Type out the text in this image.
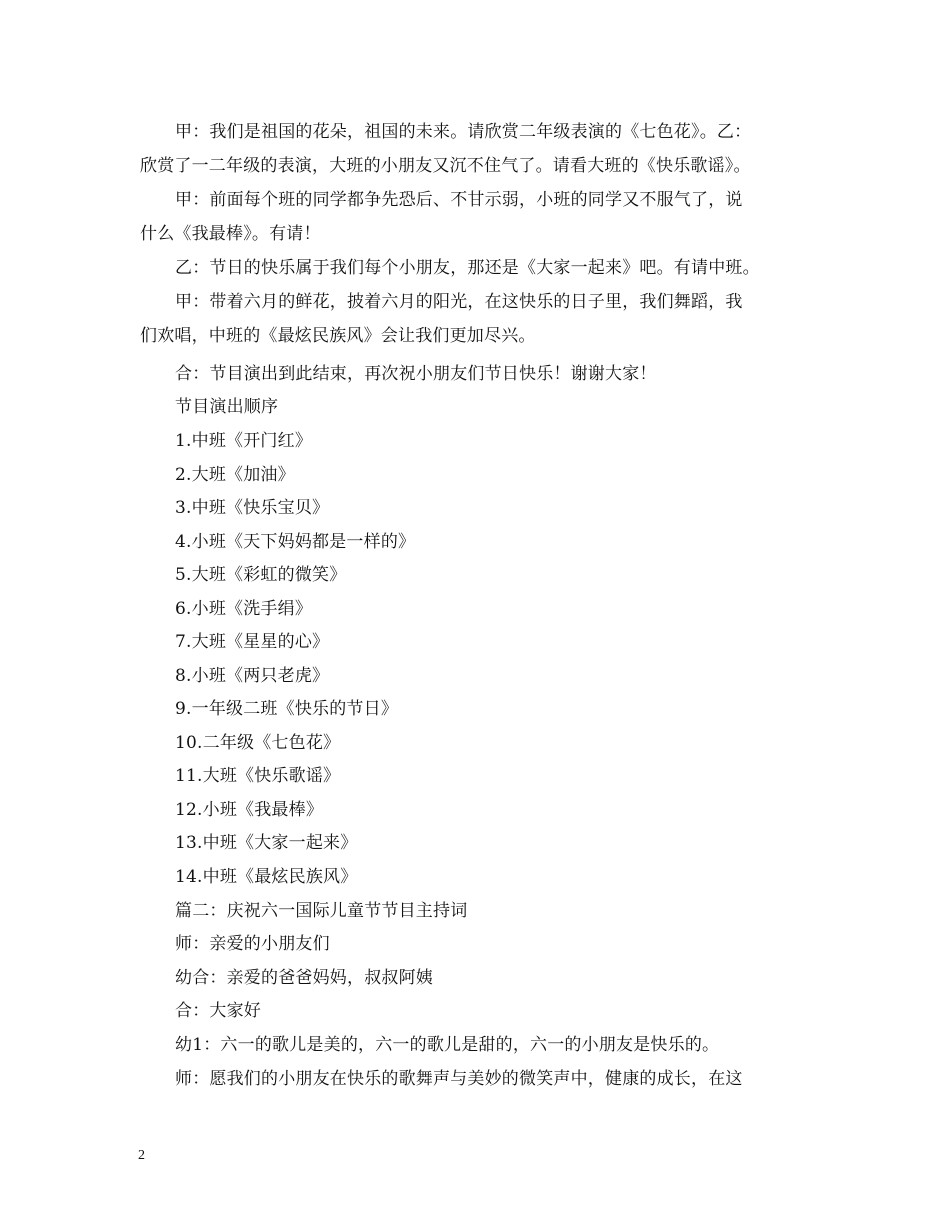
甲：我们是祖国的花朵，祖国的未来。请欣赏二年级表演的《七色花》。乙：
欣赏了一二年级的表演，大班的小朋友又沉不住气了。请看大班的《快乐歌谣》。
甲：前面每个班的同学都争先恐后、不甘示弱，小班的同学又不服气了，说
什么《我最棒》。有请！
乙：节日的快乐属于我们每个小朋友，那还是《大家一起来》吧。有请中班。
甲：带着六月的鲜花，披着六月的阳光，在这快乐的日子里，我们舞蹈，我
们欢唱，中班的《最炫民族风》会让我们更加尽兴。
合：节目演出到此结束，再次祝小朋友们节日快乐！谢谢大家！
节目演出顺序
1.中班《开门红》
2.大班《加油》
3.中班《快乐宝贝》
4.小班《天下妈妈都是一样的》
5.大班《彩虹的微笑》
6.小班《洗手绢》
7.大班《星星的心》
8.小班《两只老虎》
9.一年级二班《快乐的节日》
10.二年级《七色花》
11.大班《快乐歌谣》
12.小班《我最棒》
13.中班《大家一起来》
14.中班《最炫民族风》
篇二：庆祝六一国际儿童节节目主持词
师：亲爱的小朋友们
幼合：亲爱的爸爸妈妈，叔叔阿姨
合：大家好
幼1：六一的歌儿是美的，六一的歌儿是甜的，六一的小朋友是快乐的。
师：愿我们的小朋友在快乐的歌舞声与美妙的微笑声中，健康的成长，在这
2
